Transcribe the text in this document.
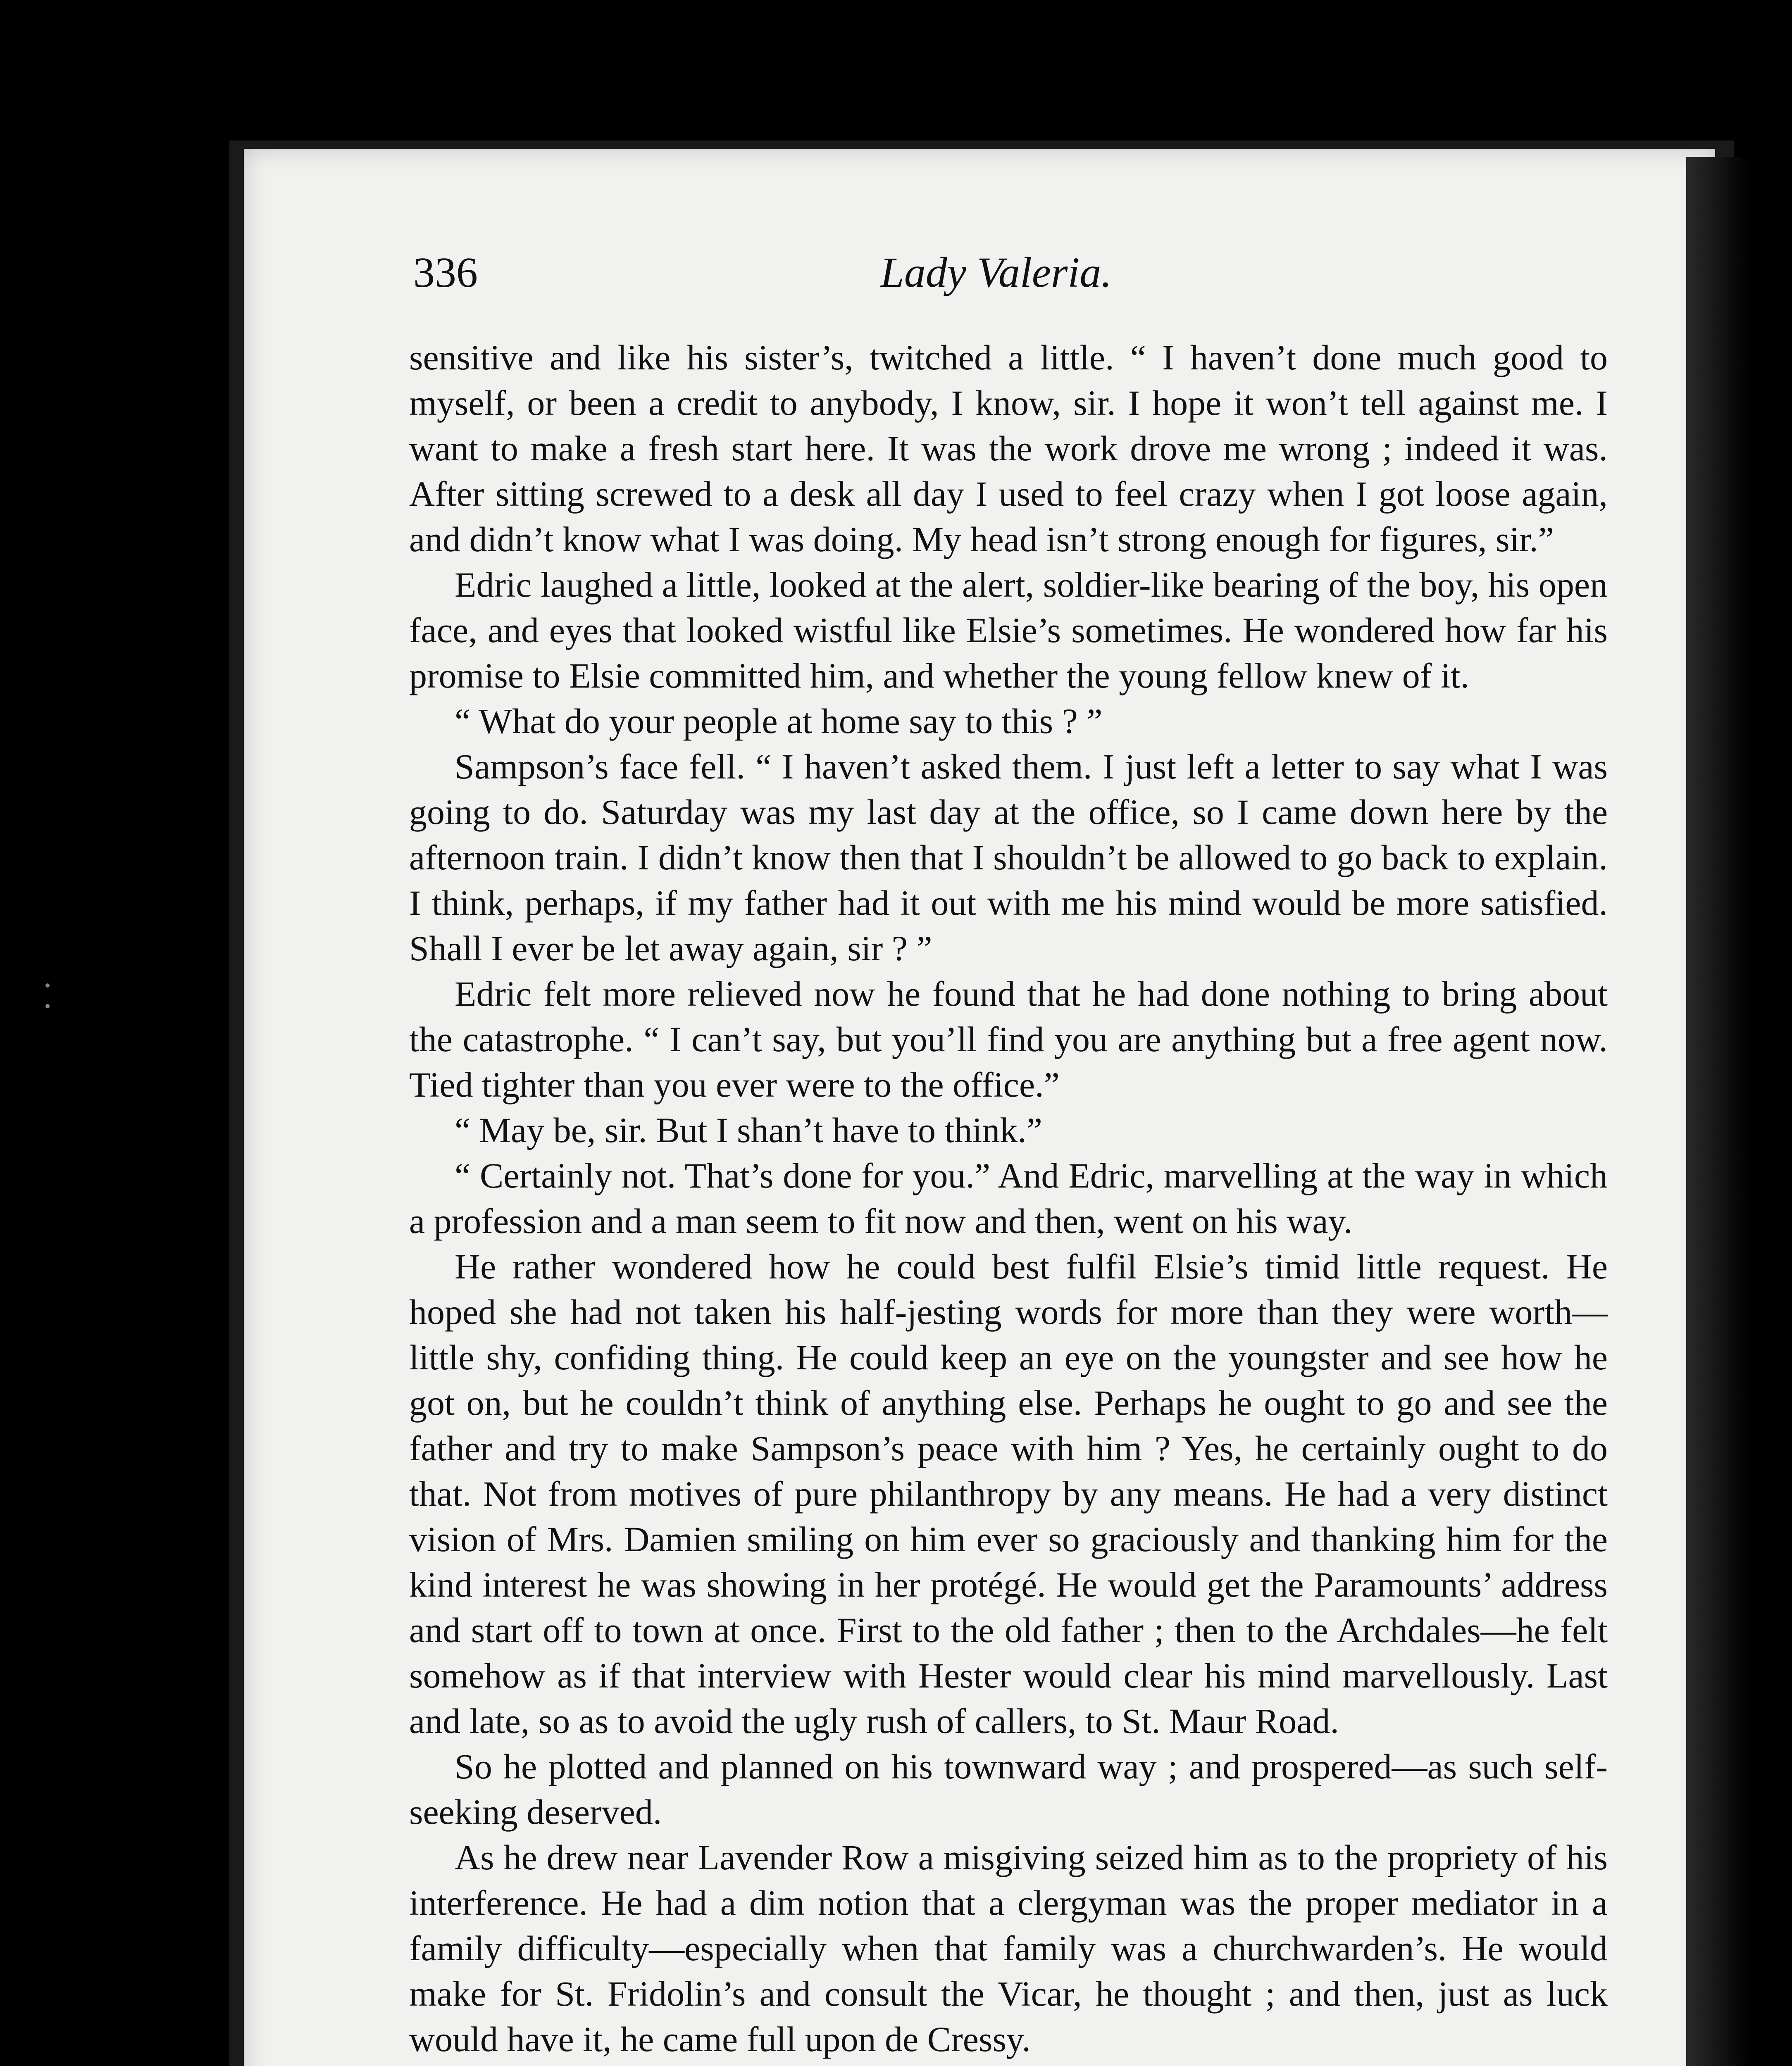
336	Lady Valeria.

sensitive and like his sister’s, twitched a little. “ I haven’t done much good to myself, or been a credit to anybody, I know, sir. I hope it won’t tell against me. I want to make a fresh start here. It was the work drove me wrong ; indeed it was. After sitting screwed to a desk all day I used to feel crazy when I got loose again, and didn’t know what I was doing. My head isn’t strong enough for figures, sir.”

Edric laughed a little, looked at the alert, soldier-like bearing of the boy, his open face, and eyes that looked wistful like Elsie’s sometimes. He wondered how far his promise to Elsie committed him, and whether the young fellow knew of it.

“ What do your people at home say to this ? ”

Sampson’s face fell. “ I haven’t asked them. I just left a letter to say what I was going to do. Saturday was my last day at the office, so I came down here by the afternoon train. I didn’t know then that I shouldn’t be allowed to go back to explain. I think, perhaps, if my father had it out with me his mind would be more satisfied. Shall I ever be let away again, sir ? ”

Edric felt more relieved now he found that he had done nothing to bring about the catastrophe. “ I can’t say, but you’ll find you are anything but a free agent now. Tied tighter than you ever were to the office.”

“ May be, sir. But I shan’t have to think.”

“ Certainly not. That’s done for you.” And Edric, marvelling at the way in which a profession and a man seem to fit now and then, went on his way.

He rather wondered how he could best fulfil Elsie’s timid little request. He hoped she had not taken his half-jesting words for more than they were worth—little shy, confiding thing. He could keep an eye on the youngster and see how he got on, but he couldn’t think of anything else. Perhaps he ought to go and see the father and try to make Sampson’s peace with him ? Yes, he certainly ought to do that. Not from motives of pure philanthropy by any means. He had a very distinct vision of Mrs. Damien smiling on him ever so graciously and thanking him for the kind interest he was showing in her protégé. He would get the Paramounts’ address and start off to town at once. First to the old father ; then to the Archdales—he felt somehow as if that interview with Hester would clear his mind marvellously. Last and late, so as to avoid the ugly rush of callers, to St. Maur Road.

So he plotted and planned on his townward way ; and prospered—as such self-seeking deserved.

As he drew near Lavender Row a misgiving seized him as to the propriety of his interference. He had a dim notion that a clergyman was the proper mediator in a family difficulty—especially when that family was a churchwarden’s. He would make for St. Fridolin’s and consult the Vicar, he thought ; and then, just as luck would have it, he came full upon de Cressy.
